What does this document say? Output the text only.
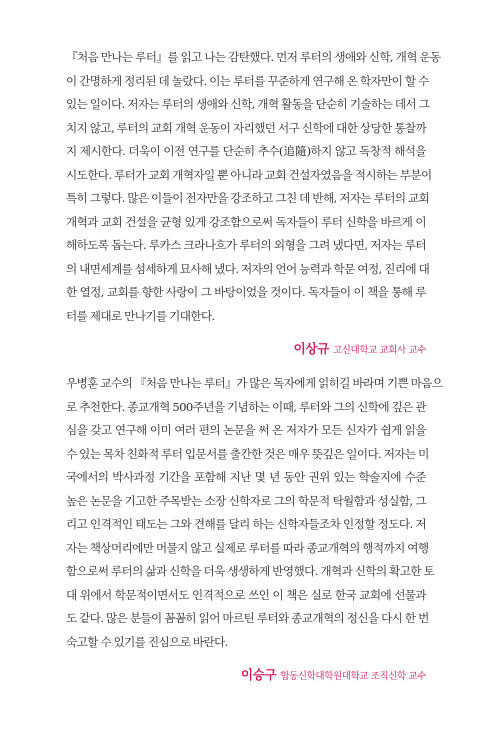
『처음 만나는 루터』를 읽고 나는 감탄했다. 먼저 루터의 생애와 신학, 개혁 운동
이 간명하게 정리된 데 놀랐다. 이는 루터를 꾸준하게 연구해 온 학자만이 할 수
있는 일이다. 저자는 루터의 생애와 신학, 개혁 활동을 단순히 기술하는 데서 그
치지 않고, 루터의 교회 개혁 운동이 자리했던 서구 신학에 대한 상당한 통찰까
지 제시한다. 더욱이 이전 연구를 단순히 추수(追隨)하지 않고 독창적 해석을
시도한다. 루터가 교회 개혁자일 뿐 아니라 교회 건설자였음을 적시하는 부분이
특히 그렇다. 많은 이들이 전자만을 강조하고 그친 데 반해, 저자는 루터의 교회
개혁과 교회 건설을 균형 있게 강조함으로써 독자들이 루터 신학을 바르게 이
해하도록 돕는다. 루카스 크라나흐가 루터의 외형을 그려 냈다면, 저자는 루터
의 내면세계를 섬세하게 묘사해 냈다. 저자의 언어 능력과 학문 여정, 진리에 대
한 열정, 교회를 향한 사랑이 그 바탕이었을 것이다. 독자들이 이 책을 통해 루
터를 제대로 만나기를 기대한다.
이상규 고신대학교 교회사 교수
우병훈 교수의 『처음 만나는 루터』가 많은 독자에게 읽히길 바라며 기쁜 마음으
로 추천한다. 종교개혁 500주년을 기념하는 이때, 루터와 그의 신학에 깊은 관
심을 갖고 연구해 이미 여러 편의 논문을 써 온 저자가 모든 신자가 쉽게 읽을
수 있는 목차 친화적 루터 입문서를 출간한 것은 매우 뜻깊은 일이다. 저자는 미
국에서의 박사과정 기간을 포함해 지난 몇 년 동안 권위 있는 학술지에 수준
높은 논문을 기고한 주목받는 소장 신학자로 그의 학문적 탁월함과 성실함, 그
리고 인격적인 태도는 그와 견해를 달리 하는 신학자들조차 인정할 정도다. 저
자는 책상머리에만 머물지 않고 실제로 루터를 따라 종교개혁의 행적까지 여행
함으로써 루터의 삶과 신학을 더욱 생생하게 반영했다. 개혁과 신학의 확고한 토
대 위에서 학문적이면서도 인격적으로 쓰인 이 책은 실로 한국 교회에 선물과
도 같다. 많은 분들이 꼼꼼히 읽어 마르틴 루터와 종교개혁의 정신을 다시 한 번
숙고할 수 있기를 진심으로 바란다.
이승구 합동신학대학원대학교 조직신학 교수
